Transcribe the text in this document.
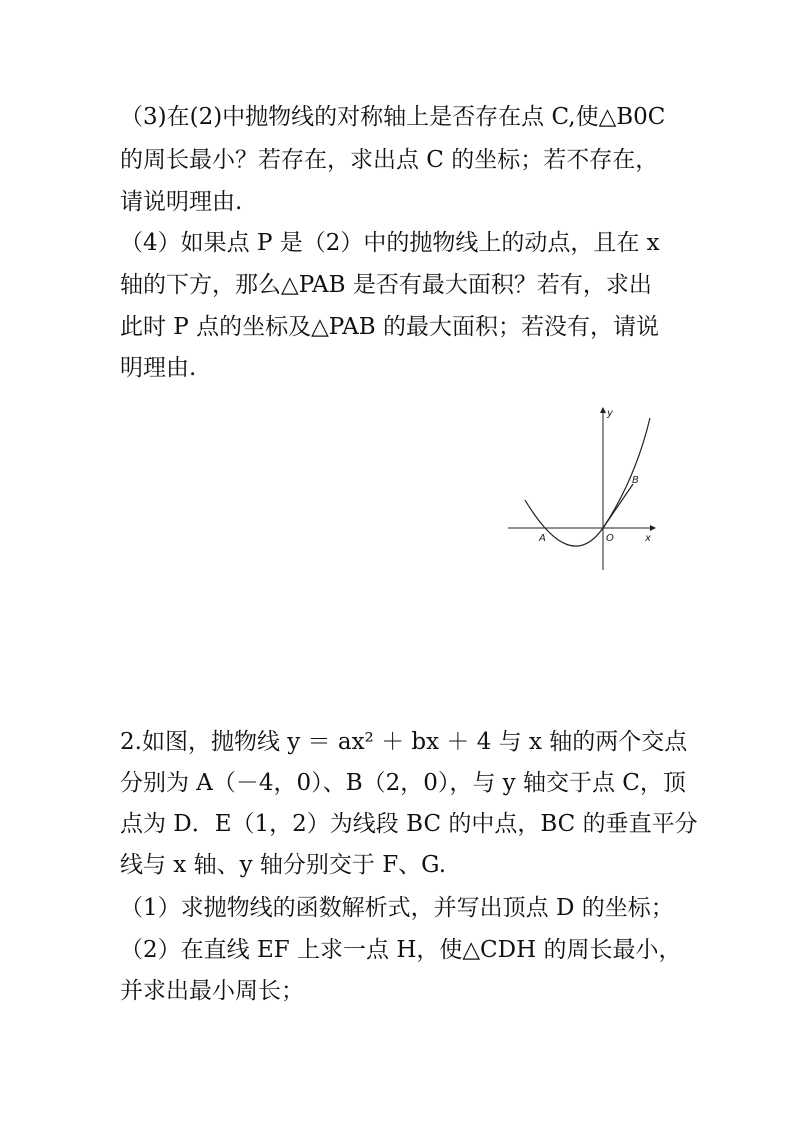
（3)在(2)中抛物线的对称轴上是否存在点 C,使△B0C
的周长最小？若存在，求出点 C 的坐标；若不存在，
请说明理由.
（4）如果点 P 是（2）中的抛物线上的动点，且在 x
轴的下方，那么△PAB 是否有最大面积？若有，求出
此时 P 点的坐标及△PAB 的最大面积；若没有，请说
明理由.
y
x
O
A
B
2.如图，抛物线 y ＝ ax² ＋ bx ＋ 4 与 x 轴的两个交点
分别为 A（－4，0）、B（2，0），与 y 轴交于点 C，顶
点为 D．E（1，2）为线段 BC 的中点，BC 的垂直平分
线与 x 轴、y 轴分别交于 F、G.
（1）求抛物线的函数解析式，并写出顶点 D 的坐标；
（2）在直线 EF 上求一点 H，使△CDH 的周长最小，
并求出最小周长；
